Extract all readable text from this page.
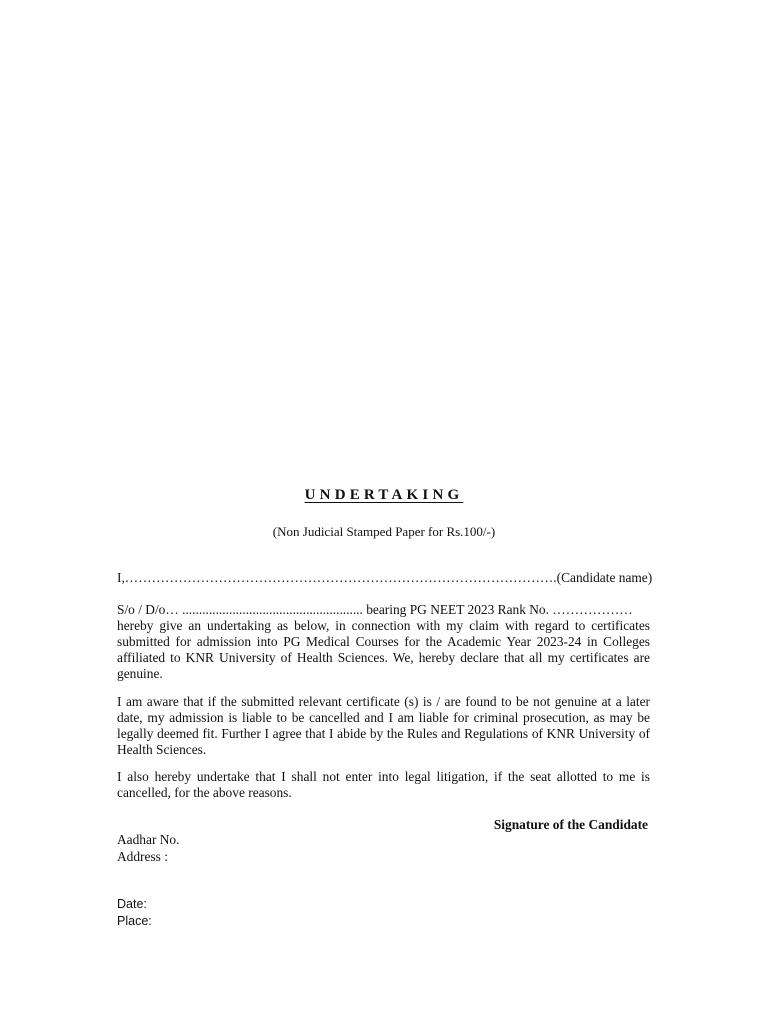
UNDERTAKING
(Non Judicial Stamped Paper for Rs.100/-)
I,…………………………………………………………………………………….(Candidate name)
S/o / D/o… ...................................................... bearing PG NEET 2023 Rank No. ………………
hereby give an undertaking as below, in connection with my claim with regard to certificates submitted for admission into PG Medical Courses for the Academic Year 2023-24 in Colleges affiliated to KNR University of Health Sciences. We, hereby declare that all my certificates are genuine.
I am aware that if the submitted relevant certificate (s) is / are found to be not genuine at a later date, my admission is liable to be cancelled and I am liable for criminal prosecution, as may be legally deemed fit. Further I agree that I abide by the Rules and Regulations of KNR University of Health Sciences.
I also hereby undertake that I shall not enter into legal litigation, if the seat allotted to me is cancelled, for the above reasons.
Signature of the Candidate
Aadhar No.
Address :
Date:
Place:
